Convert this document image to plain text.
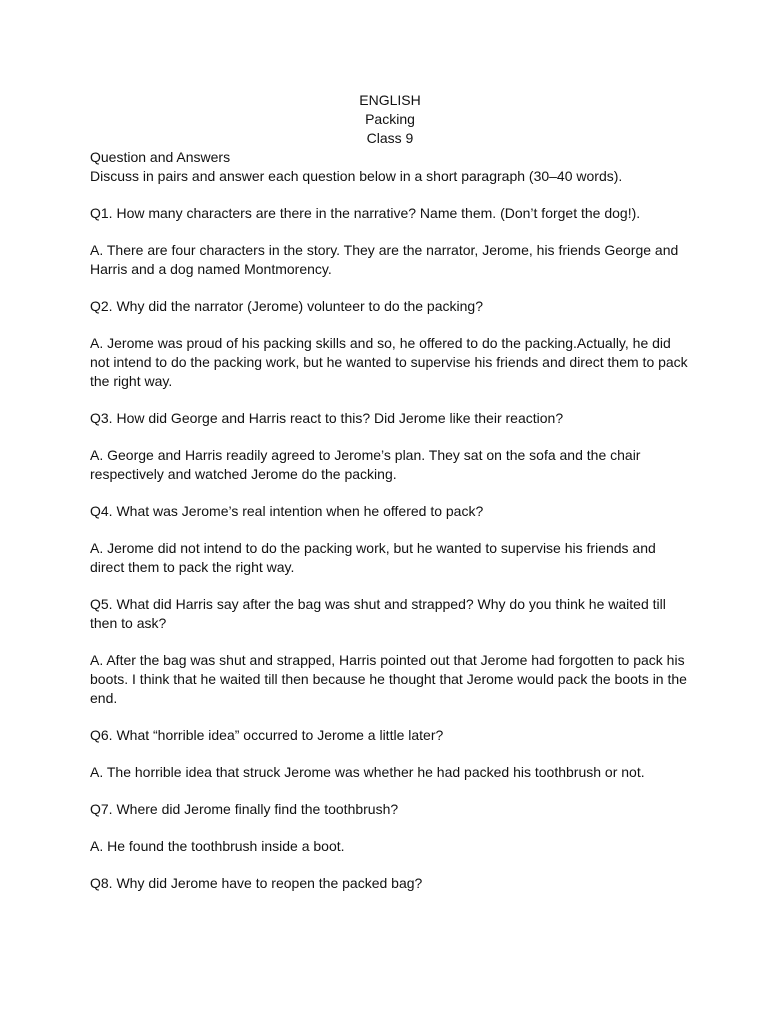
ENGLISH
Packing
Class 9
Question and Answers
Discuss in pairs and answer each question below in a short paragraph (30–40 words).

Q1. How many characters are there in the narrative? Name them. (Don’t forget the dog!).

A. There are four characters in the story. They are the narrator, Jerome, his friends George and Harris and a dog named Montmorency.

Q2. Why did the narrator (Jerome) volunteer to do the packing?

A. Jerome was proud of his packing skills and so, he offered to do the packing.Actually, he did not intend to do the packing work, but he wanted to supervise his friends and direct them to pack the right way.

Q3. How did George and Harris react to this? Did Jerome like their reaction?

A. George and Harris readily agreed to Jerome’s plan. They sat on the sofa and the chair respectively and watched Jerome do the packing.

Q4. What was Jerome’s real intention when he offered to pack?

A. Jerome did not intend to do the packing work, but he wanted to supervise his friends and direct them to pack the right way.

Q5. What did Harris say after the bag was shut and strapped? Why do you think he waited till then to ask?

A. After the bag was shut and strapped, Harris pointed out that Jerome had forgotten to pack his boots. I think that he waited till then because he thought that Jerome would pack the boots in the end.

Q6. What “horrible idea” occurred to Jerome a little later?

A. The horrible idea that struck Jerome was whether he had packed his toothbrush or not.

Q7. Where did Jerome finally find the toothbrush?

A. He found the toothbrush inside a boot.

Q8. Why did Jerome have to reopen the packed bag?
